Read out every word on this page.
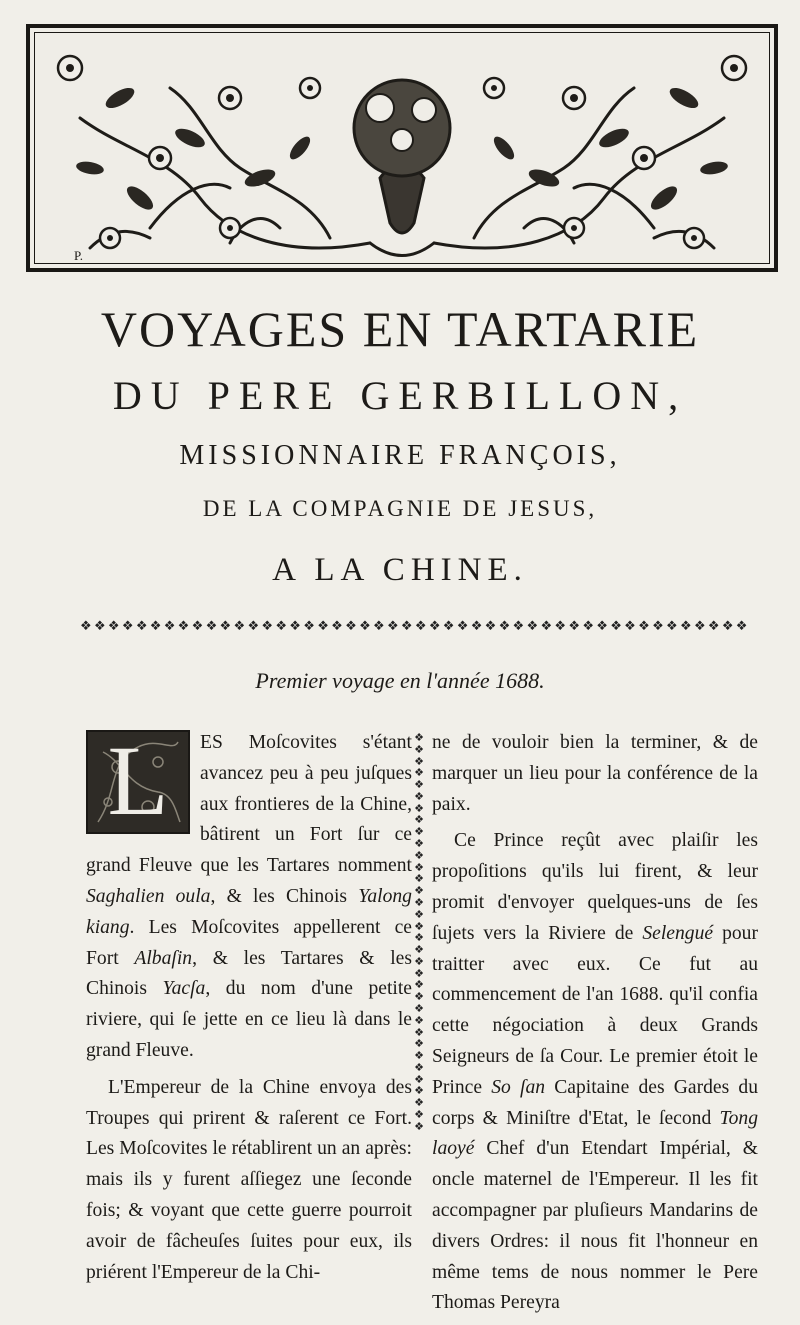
P.
VOYAGES EN TARTARIE
DU PERE GERBILLON,
MISSIONNAIRE FRANÇOIS,
DE LA COMPAGNIE DE JESUS,
A LA CHINE.
❖ ❖ ❖ ❖ ❖ ❖ ❖ ❖ ❖ ❖ ❖ ❖ ❖ ❖ ❖ ❖ ❖ ❖ ❖ ❖ ❖ ❖ ❖ ❖ ❖ ❖ ❖ ❖ ❖ ❖ ❖ ❖ ❖ ❖ ❖ ❖ ❖ ❖ ❖ ❖ ❖ ❖ ❖ ❖ ❖ ❖ ❖ ❖
Premier voyage en l'année 1688.
L	ES Moſcovites s'étant avancez peu à peu juſques aux frontieres de la Chine, bâtirent un Fort ſur ce grand Fleuve que les Tartares nomment Saghalien oula, & les Chinois Yalong kiang. Les Moſcovites appellerent ce Fort Albaſin, & les Tartares & les Chinois Yacſa, du nom d'une petite riviere, qui ſe jette en ce lieu là dans le grand Fleuve.

L'Empereur de la Chine envoya des Troupes qui prirent & raſerent ce Fort. Les Moſcovites le rétablirent un an après: mais ils y furent aſſiegez une ſeconde fois; & voyant que cette guerre pourroit avoir de fâcheuſes ſuites pour eux, ils priérent l'Empereur de la Chi-

❖
❖
❖
❖
❖
❖
❖
❖
❖
❖
❖
❖
❖
❖
❖
❖
❖
❖
❖
❖
❖
❖
❖
❖
❖
❖
❖
❖
❖
❖
❖
❖
❖
❖

ne de vouloir bien la terminer, & de marquer un lieu pour la conférence de la paix.

Ce Prince reçût avec plaiſir les propoſitions qu'ils lui firent, & leur promit d'envoyer quelques-uns de ſes ſujets vers la Riviere de Selengué pour traitter avec eux. Ce fut au commencement de l'an 1688. qu'il confia cette négociation à deux Grands Seigneurs de ſa Cour. Le premier étoit le Prince So ſan Capitaine des Gardes du corps & Miniſtre d'Etat, le ſecond Tong laoyé Chef d'un Etendart Impérial, & oncle maternel de l'Empereur. Il les fit accompagner par pluſieurs Mandarins de divers Ordres: il nous fit l'honneur en même tems de nous nommer le Pere Thomas Pereyra
